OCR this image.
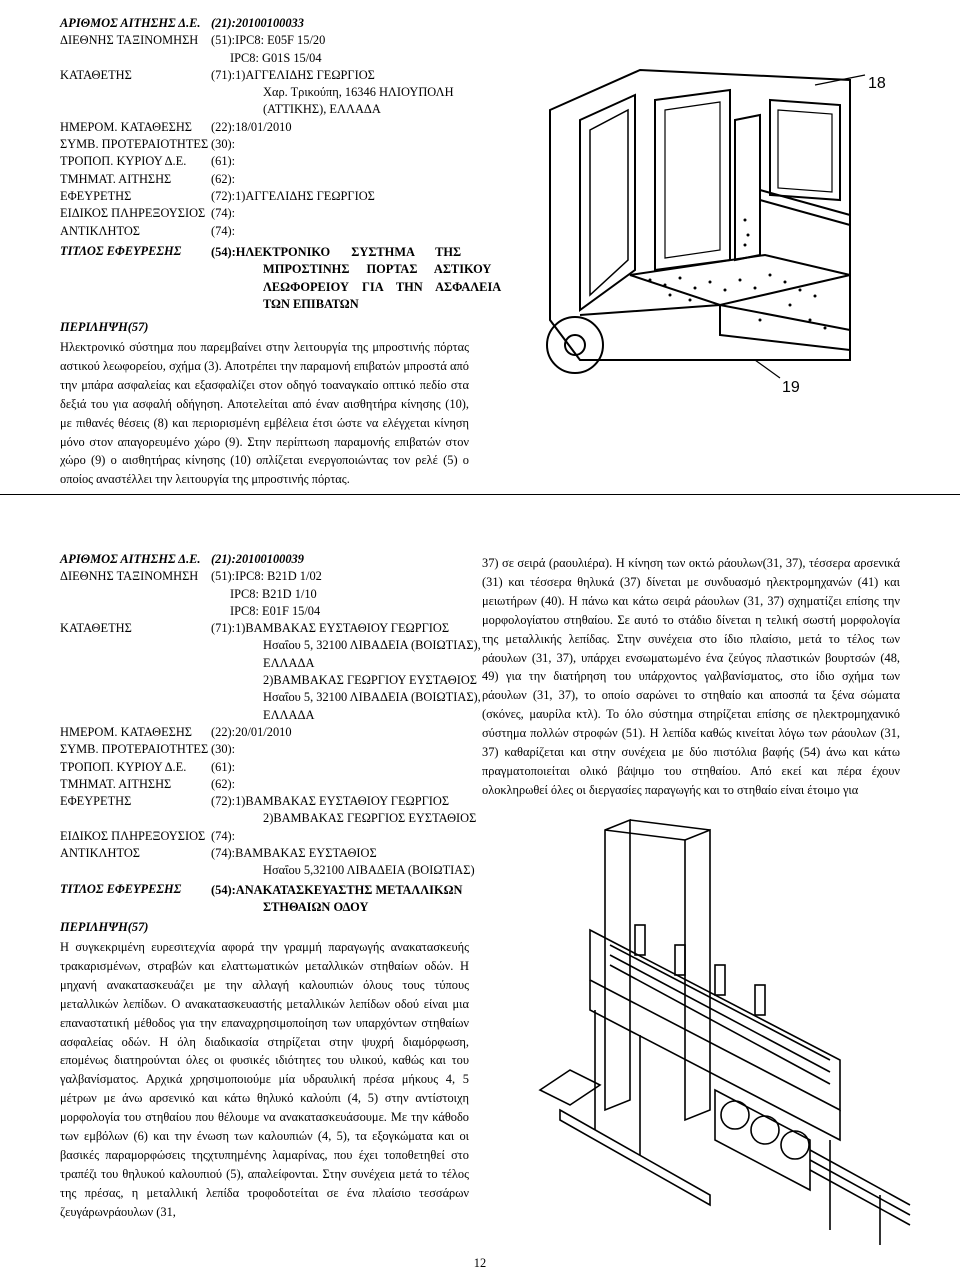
ΑΡΙΘΜΟΣ ΑΙΤΗΣΗΣ Δ.Ε. (21):20100100033
ΔΙΕΘΝΗΣ ΤΑΞΙΝΟΜΗΣΗ (51):IPC8: E05F 15/20
IPC8: G01S 15/04
ΚΑΤΑΘΕΤΗΣ	(71):1)ΑΓΓΕΛΙΔΗΣ ΓΕΩΡΓΙΟΣ
Χαρ. Τρικούπη, 16346 ΗΛΙΟΥΠΟΛΗ
(ΑΤΤΙΚΗΣ), ΕΛΛΑΔΑ
ΗΜΕΡΟΜ. ΚΑΤΑΘΕΣΗΣ (22):18/01/2010
ΣΥΜΒ. ΠΡΟΤΕΡΑΙΟΤΗΤΕΣ (30):
ΤΡΟΠΟΠ. ΚΥΡΙΟΥ Δ.Ε. (61):
ΤΜΗΜΑΤ. ΑΙΤΗΣΗΣ	(62):
ΕΦΕΥΡΕΤΗΣ	(72):1)ΑΓΓΕΛΙΔΗΣ ΓΕΩΡΓΙΟΣ
ΕΙΔΙΚΟΣ ΠΛΗΡΕΞΟΥΣΙΟΣ (74):
ΑΝΤΙΚΛΗΤΟΣ	(74):
ΤΙΤΛΟΣ ΕΦΕΥΡΕΣΗΣ (54):ΗΛΕΚΤΡΟΝΙΚΟ ΣΥΣΤΗΜΑ ΤΗΣ
ΜΠΡΟΣΤΙΝΗΣ ΠΟΡΤΑΣ ΑΣΤΙΚΟΥ
ΛΕΩΦΟΡΕΙΟΥ ΓΙΑ ΤΗΝ ΑΣΦΑΛΕΙΑ
ΤΩΝ ΕΠΙΒΑΤΩΝ
ΠΕΡΙΛΗΨΗ(57)
Ηλεκτρονικό σύστημα που παρεμβαίνει στην λειτουργία της μπροστινής πόρτας αστικού λεωφορείου, σχήμα (3). Αποτρέπει την παραμονή επιβατών μπροστά από την μπάρα ασφαλείας και εξασφαλίζει στον οδηγό τοαναγκαίο οπτικό πεδίο στα δεξιά του για ασφαλή οδήγηση. Αποτελείται από έναν αισθητήρα κίνησης (10), με πιθανές θέσεις (8) και περιορισμένη εμβέλεια έτσι ώστε να ελέγχεται κίνηση μόνο στον απαγορευμένο χώρο (9). Στην περίπτωση παραμονής επιβατών στον χώρο (9) ο αισθητήρας κίνησης (10) οπλίζεται ενεργοποιώντας τον ρελέ (5) ο οποίος αναστέλλει την λειτουργία της μπροστινής πόρτας.
18
19
ΑΡΙΘΜΟΣ ΑΙΤΗΣΗΣ Δ.Ε. (21):20100100039
ΔΙΕΘΝΗΣ ΤΑΞΙΝΟΜΗΣΗ (51):IPC8: B21D 1/02
IPC8: B21D 1/10
IPC8: E01F 15/04
ΚΑΤΑΘΕΤΗΣ	(71):1)ΒΑΜΒΑΚΑΣ ΕΥΣΤΑΘΙΟΥ ΓΕΩΡΓΙΟΣ
Ησαΐου 5, 32100 ΛΙΒΑΔΕΙΑ (ΒΟΙΩΤΙΑΣ),
ΕΛΛΑΔΑ
2)ΒΑΜΒΑΚΑΣ ΓΕΩΡΓΙΟΥ ΕΥΣΤΑΘΙΟΣ
Ησαΐου 5, 32100 ΛΙΒΑΔΕΙΑ (ΒΟΙΩΤΙΑΣ),
ΕΛΛΑΔΑ
ΗΜΕΡΟΜ. ΚΑΤΑΘΕΣΗΣ (22):20/01/2010
ΣΥΜΒ. ΠΡΟΤΕΡΑΙΟΤΗΤΕΣ (30):
ΤΡΟΠΟΠ. ΚΥΡΙΟΥ Δ.Ε. (61):
ΤΜΗΜΑΤ. ΑΙΤΗΣΗΣ	(62):
ΕΦΕΥΡΕΤΗΣ	(72):1)ΒΑΜΒΑΚΑΣ ΕΥΣΤΑΘΙΟΥ ΓΕΩΡΓΙΟΣ
2)ΒΑΜΒΑΚΑΣ ΓΕΩΡΓΙΟΣ ΕΥΣΤΑΘΙΟΣ
ΕΙΔΙΚΟΣ ΠΛΗΡΕΞΟΥΣΙΟΣ (74):
ΑΝΤΙΚΛΗΤΟΣ	(74):ΒΑΜΒΑΚΑΣ ΕΥΣΤΑΘΙΟΣ
Ησαΐου 5,32100 ΛΙΒΑΔΕΙΑ (ΒΟΙΩΤΙΑΣ)
ΤΙΤΛΟΣ ΕΦΕΥΡΕΣΗΣ (54):ΑΝΑΚΑΤΑΣΚΕΥΑΣΤΗΣ ΜΕΤΑΛΛΙΚΩΝ
ΣΤΗΘΑΙΩΝ ΟΔΟΥ
ΠΕΡΙΛΗΨΗ(57)
Η συγκεκριμένη ευρεσιτεχνία αφορά την γραμμή παραγωγής ανακατασκευής τρακαρισμένων, στραβών και ελαττωματικών μεταλλικών στηθαίων οδών. Η μηχανή ανακατασκευάζει με την αλλαγή καλουπιών όλους τους τύπους μεταλλικών λεπίδων. Ο ανακατασκευαστής μεταλλικών λεπίδων οδού είναι μια επαναστατική μέθοδος για την επαναχρησιμοποίηση των υπαρχόντων στηθαίων ασφαλείας οδών. Η όλη διαδικασία στηρίζεται στην ψυχρή διαμόρφωση, επομένως διατηρούνται όλες οι φυσικές ιδιότητες του υλικού, καθώς και του γαλβανίσματος. Αρχικά χρησιμοποιούμε μία υδραυλική πρέσα μήκους 4, 5 μέτρων με άνω αρσενικό και κάτω θηλυκό καλούπι (4, 5) στην αντίστοιχη μορφολογία του στηθαίου που θέλουμε να ανακατασκευάσουμε. Με την κάθοδο των εμβόλων (6) και την ένωση των καλουπιών (4, 5), τα εξογκώματα και οι βασικές παραμορφώσεις τηςχτυπημένης λαμαρίνας, που έχει τοποθετηθεί στο τραπέζι του θηλυκού καλουπιού (5), απαλείφονται. Στην συνέχεια μετά το τέλος της πρέσας, η μεταλλική λεπίδα τροφοδοτείται σε ένα πλαίσιο τεσσάρων ζευγάρωνράουλων (31,
37) σε σειρά (ραουλιέρα). Η κίνηση των οκτώ ράουλων(31, 37), τέσσερα αρσενικά (31) και τέσσερα θηλυκά (37) δίνεται με συνδυασμό ηλεκτρομηχανών (41) και μειωτήρων (40). Η πάνω και κάτω σειρά ράουλων (31, 37) σχηματίζει επίσης την μορφολογίατου στηθαίου. Σε αυτό το στάδιο δίνεται η τελική σωστή μορφολογία της μεταλλικής λεπίδας. Στην συνέχεια στο ίδιο πλαίσιο, μετά το τέλος των ράουλων (31, 37), υπάρχει ενσωματωμένο ένα ζεύγος πλαστικών βουρτσών (48, 49) για την διατήρηση του υπάρχοντος γαλβανίσματος, στο ίδιο σχήμα των ράουλων (31, 37), το οποίο σαρώνει το στηθαίο και αποσπά τα ξένα σώματα (σκόνες, μαυρίλα κτλ). Το όλο σύστημα στηρίζεται επίσης σε ηλεκτρομηχανικό σύστημα πολλών στροφών (51). Η λεπίδα καθώς κινείται λόγω των ράουλων (31, 37) καθαρίζεται και στην συνέχεια με δύο πιστόλια βαφής (54) άνω και κάτω πραγματοποιείται ολικό βάψιμο του στηθαίου. Από εκεί και πέρα έχουν ολοκληρωθεί όλες οι διεργασίες παραγωγής και το στηθαίο είναι έτοιμο για
12
